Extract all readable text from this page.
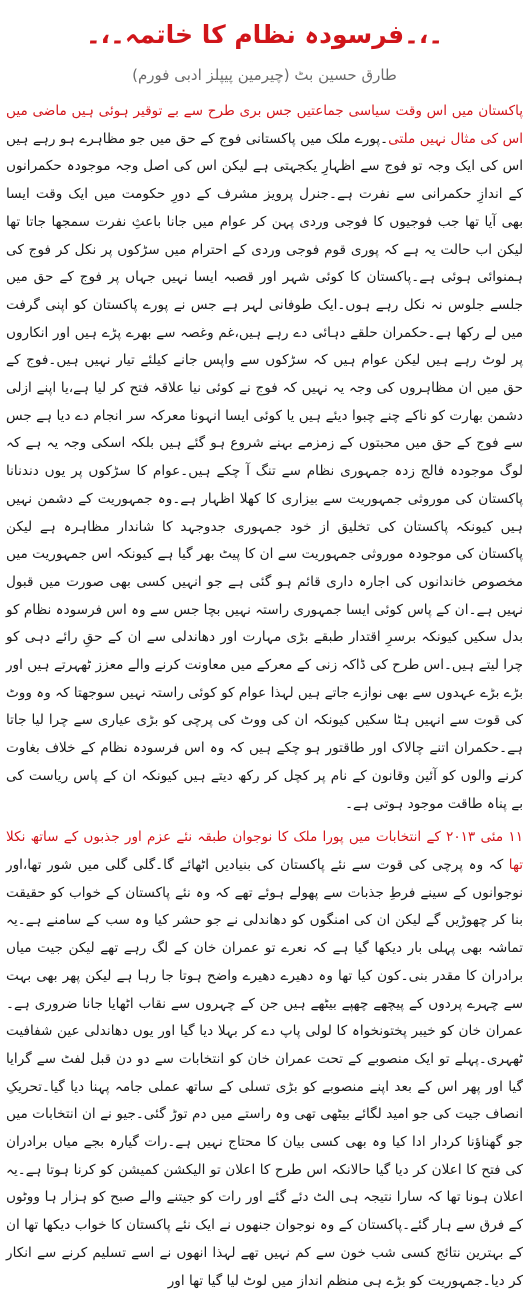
۔،۔فرسودہ نظام کا خاتمہ۔،۔
طارق حسین بٹ (چیرمین پیپلز ادبی فورم)

پاکستان میں اس وقت سیاسی جماعتیں جس بری طرح سے بے توقیر ہوئی ہیں ماضی میں اس کی مثال نہیں ملتی۔پورے ملک میں پاکستانی فوج کے حق میں جو مظاہرے ہو رہے ہیں اس کی ایک وجہ تو فوج سے اظہارِ یکجہتی ہے لیکن اس کی اصل وجہ موجودہ حکمرانوں کے اندازِ حکمرانی سے نفرت ہے۔جنرل پرویز مشرف کے دورِ حکومت میں ایک وقت ایسا بھی آیا تھا جب فوجیوں کا فوجی وردی پہن کر عوام میں جانا باعثِ نفرت سمجھا جاتا تھا لیکن اب حالت یہ ہے کہ پوری قوم فوجی وردی کے احترام میں سڑکوں پر نکل کر فوج کی ہمنوائی ہوئی ہے۔پاکستان کا کوئی شہر اور قصبہ ایسا نہیں جہاں پر فوج کے حق میں جلسے جلوس نہ نکل رہے ہوں۔ایک طوفانی لہر ہے جس نے پورے پاکستان کو اپنی گرفت میں لے رکھا ہے۔حکمران حلقے دہائی دے رہے ہیں،غم وغصہ سے بھرے پڑے ہیں اور انکاروں پر لوٹ رہے ہیں لیکن عوام ہیں کہ سڑکوں سے واپس جانے کیلئے تیار نہیں ہیں۔فوج کے حق میں ان مظاہروں کی وجہ یہ نہیں کہ فوج نے کوئی نیا علاقہ فتح کر لیا ہے،یا اپنے ازلی دشمن بھارت کو ناکے چنے چبوا دیئے ہیں یا کوئی ایسا انہونا معرکہ سر انجام دے دیا ہے جس سے فوج کے حق میں محبتوں کے زمزمے بہنے شروع ہو گئے ہیں بلکہ اسکی وجہ یہ ہے کہ لوگ موجودہ فالج زدہ جمہوری نظام سے تنگ آ چکے ہیں۔عوام کا سڑکوں پر یوں دندنانا پاکستان کی موروثی جمہوریت سے بیزاری کا کھلا اظہار ہے۔وہ جمہوریت کے دشمن نہیں ہیں کیونکہ پاکستان کی تخلیق از خود جمہوری جدوجہد کا شاندار مظاہرہ ہے لیکن پاکستان کی موجودہ موروثی جمہوریت سے ان کا پیٹ بھر گیا ہے کیونکہ اس جمہوریت میں مخصوص خاندانوں کی اجارہ داری قائم ہو گئی ہے جو انہیں کسی بھی صورت میں قبول نہیں ہے۔ان کے پاس کوئی ایسا جمہوری راستہ نہیں بچا جس سے وہ اس فرسودہ نظام کو بدل سکیں کیونکہ برسرِ اقتدار طبقے بڑی مہارت اور دھاندلی سے ان کے حقِ رائے دہی کو چرا لیتے ہیں۔اس طرح کی ڈاکہ زنی کے معرکے میں معاونت کرنے والے معزز ٹھہرتے ہیں اور بڑے بڑے عہدوں سے بھی نوازے جاتے ہیں لہذا عوام کو کوئی راستہ نہیں سوجھتا کہ وہ ووٹ کی قوت سے انہیں ہٹا سکیں کیونکہ ان کی ووٹ کی پرچی کو بڑی عیاری سے چرا لیا جاتا ہے۔حکمران اتنے چالاک اور طاقتور ہو چکے ہیں کہ وہ اس فرسودہ نظام کے خلاف بغاوت کرنے والوں کو آئین وقانون کے نام پر کچل کر رکھ دیتے ہیں کیونکہ ان کے پاس ریاست کی بے پناہ طاقت موجود ہوتی ہے۔

۱۱ مئی ۲۰۱۳ کے انتخابات میں پورا ملک کا نوجوان طبقہ نئے عزم اور جذبوں کے ساتھ نکلا تھا کہ وہ پرچی کی قوت سے نئے پاکستان کی بنیادیں اٹھائے گا۔گلی گلی میں شور تھا،اور نوجوانوں کے سینے فرطِ جذبات سے پھولے ہوئے تھے کہ وہ نئے پاکستان کے خواب کو حقیقت بنا کر چھوڑیں گے لیکن ان کی امنگوں کو دھاندلی نے جو حشر کیا وہ سب کے سامنے ہے۔یہ تماشہ بھی پہلی بار دیکھا گیا ہے کہ نعرے تو عمران خان کے لگ رہے تھے لیکن جیت میاں برادران کا مقدر بنی۔کون کیا تھا وہ دھیرے دھیرے واضح ہوتا جا رہا ہے لیکن پھر بھی بہت سے چہرے پردوں کے پیچھے چھپے بیٹھے ہیں جن کے چہروں سے نقاب اٹھایا جانا ضروری ہے۔عمران خان کو خیبر پختونخواہ کا لولی پاپ دے کر بہلا دیا گیا اور یوں دھاندلی عین شفافیت ٹھہری۔پہلے تو ایک منصوبے کے تحت عمران خان کو انتخابات سے دو دن قبل لفٹ سے گرایا گیا اور پھر اس کے بعد اپنے منصوبے کو بڑی تسلی کے ساتھ عملی جامہ پہنا دیا گیا۔تحریکِ انصاف جیت کی جو امید لگائے بیٹھی تھی وہ راستے میں دم توڑ گئی۔جیو نے ان انتخابات میں جو گھناؤنا کردار ادا کیا وہ بھی کسی بیان کا محتاج نہیں ہے۔رات گیارہ بجے میاں برادران کی فتح کا اعلان کر دیا گیا حالانکہ اس طرح کا اعلان تو الیکشن کمیشن کو کرنا ہوتا ہے۔یہ اعلان ہونا تھا کہ سارا نتیجہ ہی الٹ دئے گئے اور رات کو جیتنے والے صبح کو ہزار ہا ووٹوں کے فرق سے ہار گئے۔پاکستان کے وہ نوجوان جنھوں نے ایک نئے پاکستان کا خواب دیکھا تھا ان کے بہترین نتائج کسی شب خون سے کم نہیں تھے لہذا انھوں نے اسے تسلیم کرنے سے انکار کر دیا۔جمہوریت کو بڑے ہی منظم انداز میں لوٹ لیا گیا تھا اور
